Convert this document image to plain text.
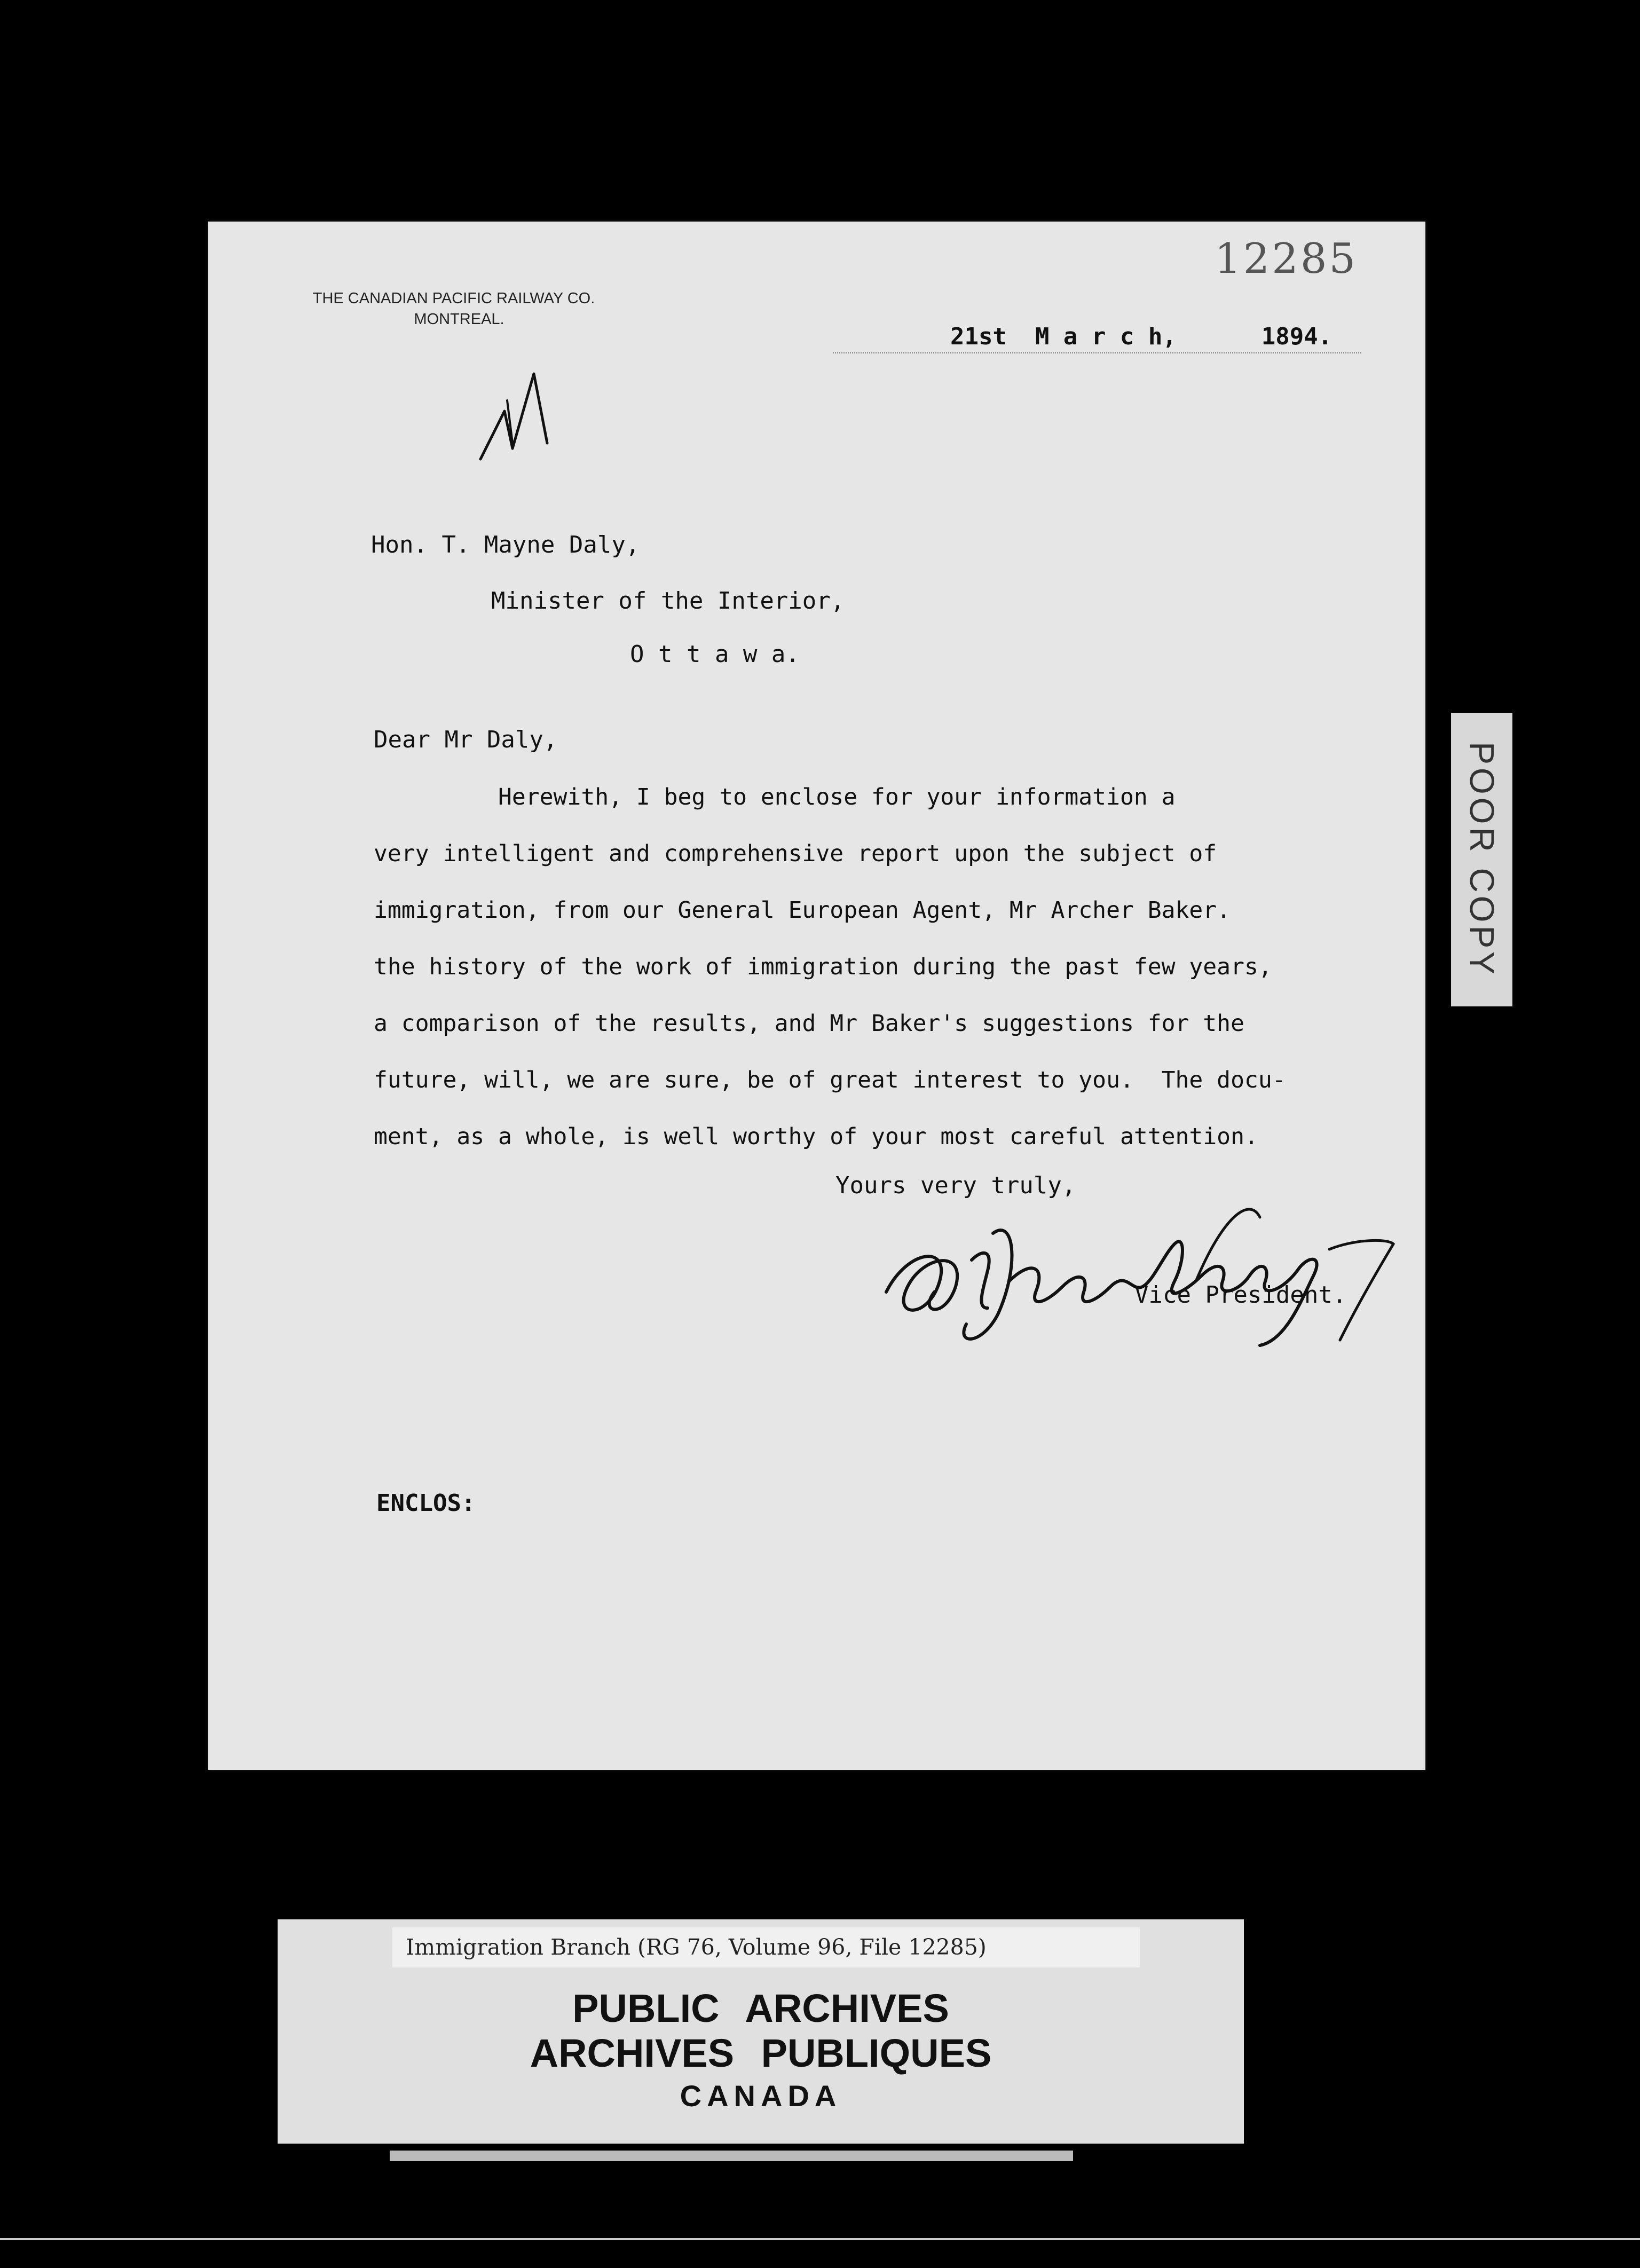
12285
THE CANADIAN PACIFIC RAILWAY CO.
MONTREAL.
21st  M a r c h,      1894.
Hon. T. Mayne Daly,
Minister of the Interior,
O t t a w a.
Dear Mr Daly,
Herewith, I beg to enclose for your information a
very intelligent and comprehensive report upon the subject of
immigration, from our General European Agent, Mr Archer Baker.
the history of the work of immigration during the past few years,
a comparison of the results, and Mr Baker's suggestions for the
future, will, we are sure, be of great interest to you.  The docu-
ment, as a whole, is well worthy of your most careful attention.
Yours very truly,
Vice President.
ENCLOS:
POOR COPY
Immigration Branch (RG 76, Volume 96, File 12285)
PUBLIC ARCHIVES
ARCHIVES PUBLIQUES
CANADA
